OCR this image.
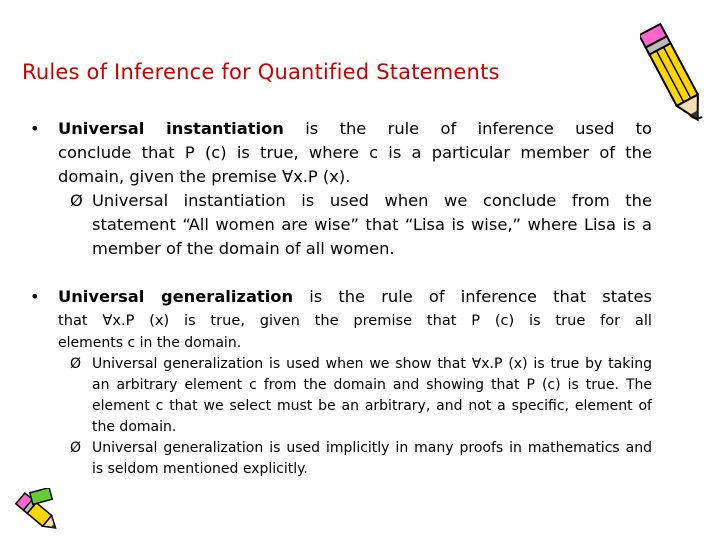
Rules of Inference for Quantified Statements
• Universal instantiation is the rule of inference used to
conclude that P (c) is true, where c is a particular member of the domain, given the premise ∀x.P (x).
Ø Universal instantiation is used when we conclude from the statement “All women are wise” that “Lisa is wise,” where Lisa is a member of the domain of all women.
• Universal generalization is the rule of inference that states
that ∀x.P (x) is true, given the premise that P (c) is true for all
elements c in the domain.
Ø Universal generalization is used when we show that ∀x.P (x) is true by taking an arbitrary element c from the domain and showing that P (c) is true. The element c that we select must be an arbitrary, and not a specific, element of the domain.
Ø Universal generalization is used implicitly in many proofs in mathematics and is seldom mentioned explicitly.
